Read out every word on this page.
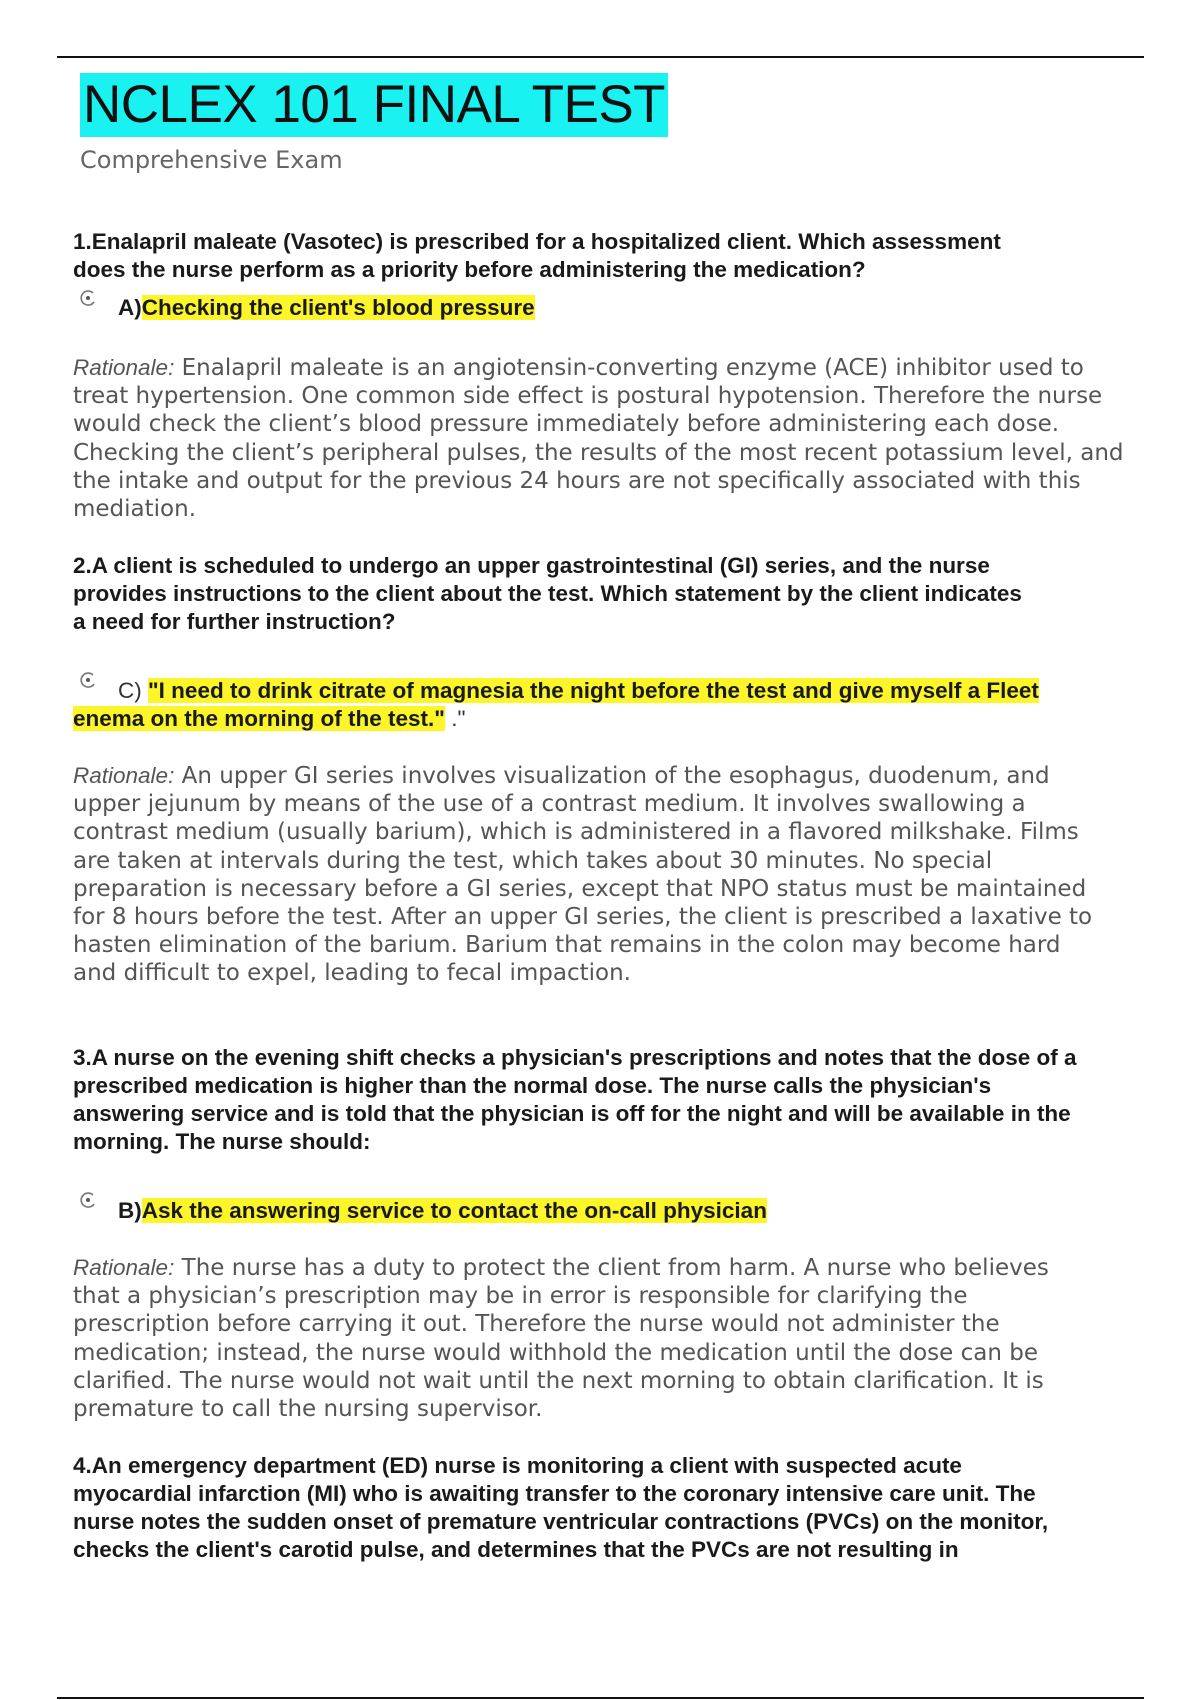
NCLEX 101 FINAL TEST
Comprehensive Exam

1.Enalapril maleate (Vasotec) is prescribed for a hospitalized client. Which assessment
does the nurse perform as a priority before administering the medication?

A)Checking the client's blood pressure

Rationale: Enalapril maleate is an angiotensin-converting enzyme (ACE) inhibitor used to
treat hypertension. One common side effect is postural hypotension. Therefore the nurse
would check the client’s blood pressure immediately before administering each dose.
Checking the client’s peripheral pulses, the results of the most recent potassium level, and
the intake and output for the previous 24 hours are not specifically associated with this
mediation.

2.A client is scheduled to undergo an upper gastrointestinal (GI) series, and the nurse
provides instructions to the client about the test. Which statement by the client indicates
a need for further instruction?

C) "I need to drink citrate of magnesia the night before the test and give myself a Fleet
enema on the morning of the test." ."

Rationale: An upper GI series involves visualization of the esophagus, duodenum, and
upper jejunum by means of the use of a contrast medium. It involves swallowing a
contrast medium (usually barium), which is administered in a flavored milkshake. Films
are taken at intervals during the test, which takes about 30 minutes. No special
preparation is necessary before a GI series, except that NPO status must be maintained
for 8 hours before the test. After an upper GI series, the client is prescribed a laxative to
hasten elimination of the barium. Barium that remains in the colon may become hard
and difficult to expel, leading to fecal impaction.

3.A nurse on the evening shift checks a physician's prescriptions and notes that the dose of a
prescribed medication is higher than the normal dose. The nurse calls the physician's
answering service and is told that the physician is off for the night and will be available in the
morning. The nurse should:

B)Ask the answering service to contact the on-call physician

Rationale: The nurse has a duty to protect the client from harm. A nurse who believes
that a physician’s prescription may be in error is responsible for clarifying the
prescription before carrying it out. Therefore the nurse would not administer the
medication; instead, the nurse would withhold the medication until the dose can be
clarified. The nurse would not wait until the next morning to obtain clarification. It is
premature to call the nursing supervisor.

4.An emergency department (ED) nurse is monitoring a client with suspected acute
myocardial infarction (MI) who is awaiting transfer to the coronary intensive care unit. The
nurse notes the sudden onset of premature ventricular contractions (PVCs) on the monitor,
checks the client's carotid pulse, and determines that the PVCs are not resulting in
